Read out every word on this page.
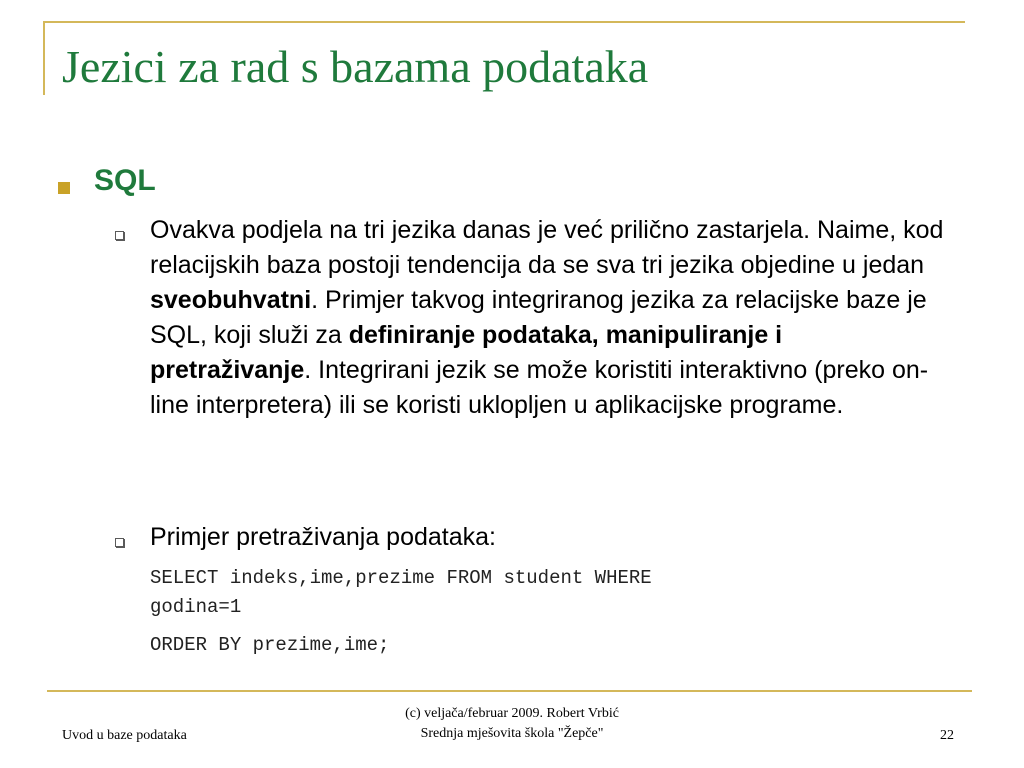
Jezici za rad s bazama podataka
SQL
Ovakva podjela na tri jezika danas je već prilično zastarjela. Naime, kod relacijskih baza postoji tendencija da se sva tri jezika objedine u jedan sveobuhvatni. Primjer takvog integriranog jezika za relacijske baze je SQL, koji služi za definiranje podataka, manipuliranje i pretraživanje. Integrirani jezik se može koristiti interaktivno (preko on-line interpretera) ili se koristi uklopljen u aplikacijske programe.
Primjer pretraživanja podataka:
SELECT indeks,ime,prezime FROM student WHERE
godina=1
ORDER BY prezime,ime;
Uvod u baze podataka
(c) veljača/februar 2009. Robert Vrbić
Srednja mješovita škola "Žepče"	22
